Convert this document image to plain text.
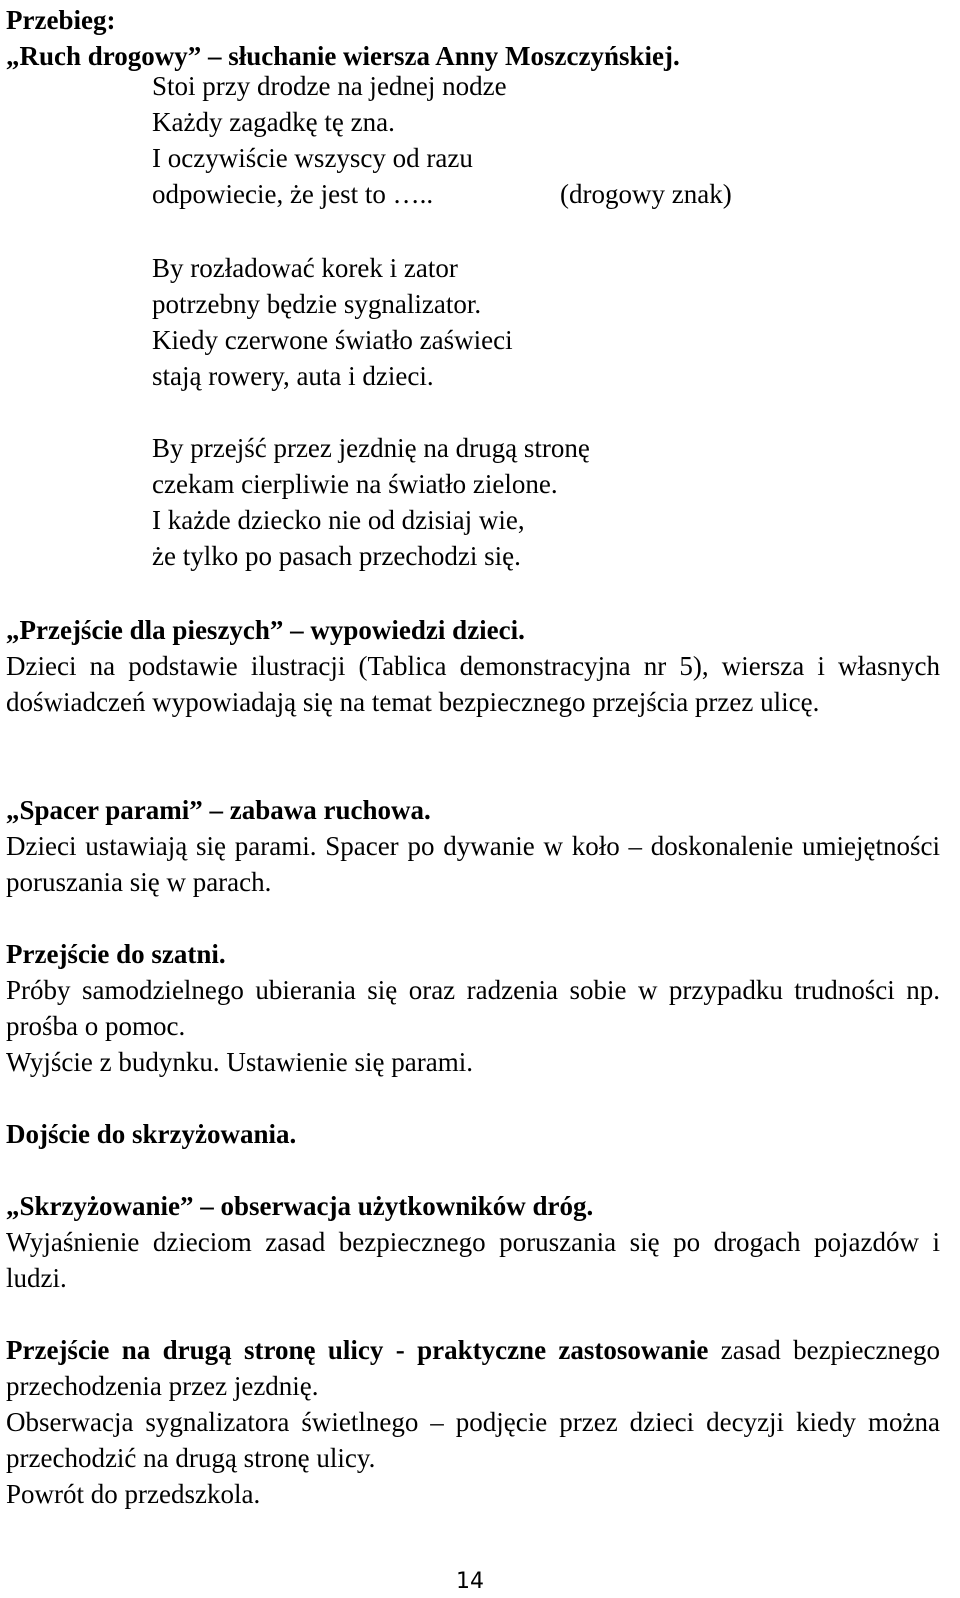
Przebieg:
„Ruch drogowy” – słuchanie wiersza Anny Moszczyńskiej.
Stoi przy drodze na jednej nodze
Każdy zagadkę tę zna.
I oczywiście wszyscy od razu
odpowiecie, że jest to …..	(drogowy znak)
By rozładować korek i zator
potrzebny będzie sygnalizator.
Kiedy czerwone światło zaświeci
stają rowery, auta i dzieci.
By przejść przez jezdnię na drugą stronę
czekam cierpliwie na światło zielone.
I każde dziecko nie od dzisiaj wie,
że tylko po pasach przechodzi się.
„Przejście dla pieszych” – wypowiedzi dzieci.
Dzieci na podstawie ilustracji (Tablica demonstracyjna nr 5), wiersza i własnych doświadczeń wypowiadają się na temat bezpiecznego przejścia przez ulicę.
„Spacer parami” – zabawa ruchowa.
Dzieci ustawiają się parami. Spacer po dywanie w koło – doskonalenie umiejętności poruszania się w parach.
Przejście do szatni.
Próby samodzielnego ubierania się oraz radzenia sobie w przypadku trudności np. prośba o pomoc.
Wyjście z budynku. Ustawienie się parami.
Dojście do skrzyżowania.
„Skrzyżowanie” – obserwacja użytkowników dróg.
Wyjaśnienie dzieciom zasad bezpiecznego poruszania się po drogach pojazdów i ludzi.
Przejście na drugą stronę ulicy - praktyczne zastosowanie zasad bezpiecznego przechodzenia przez jezdnię.
Obserwacja sygnalizatora świetlnego – podjęcie przez dzieci decyzji kiedy można przechodzić na drugą stronę ulicy.
Powrót do przedszkola.
14
